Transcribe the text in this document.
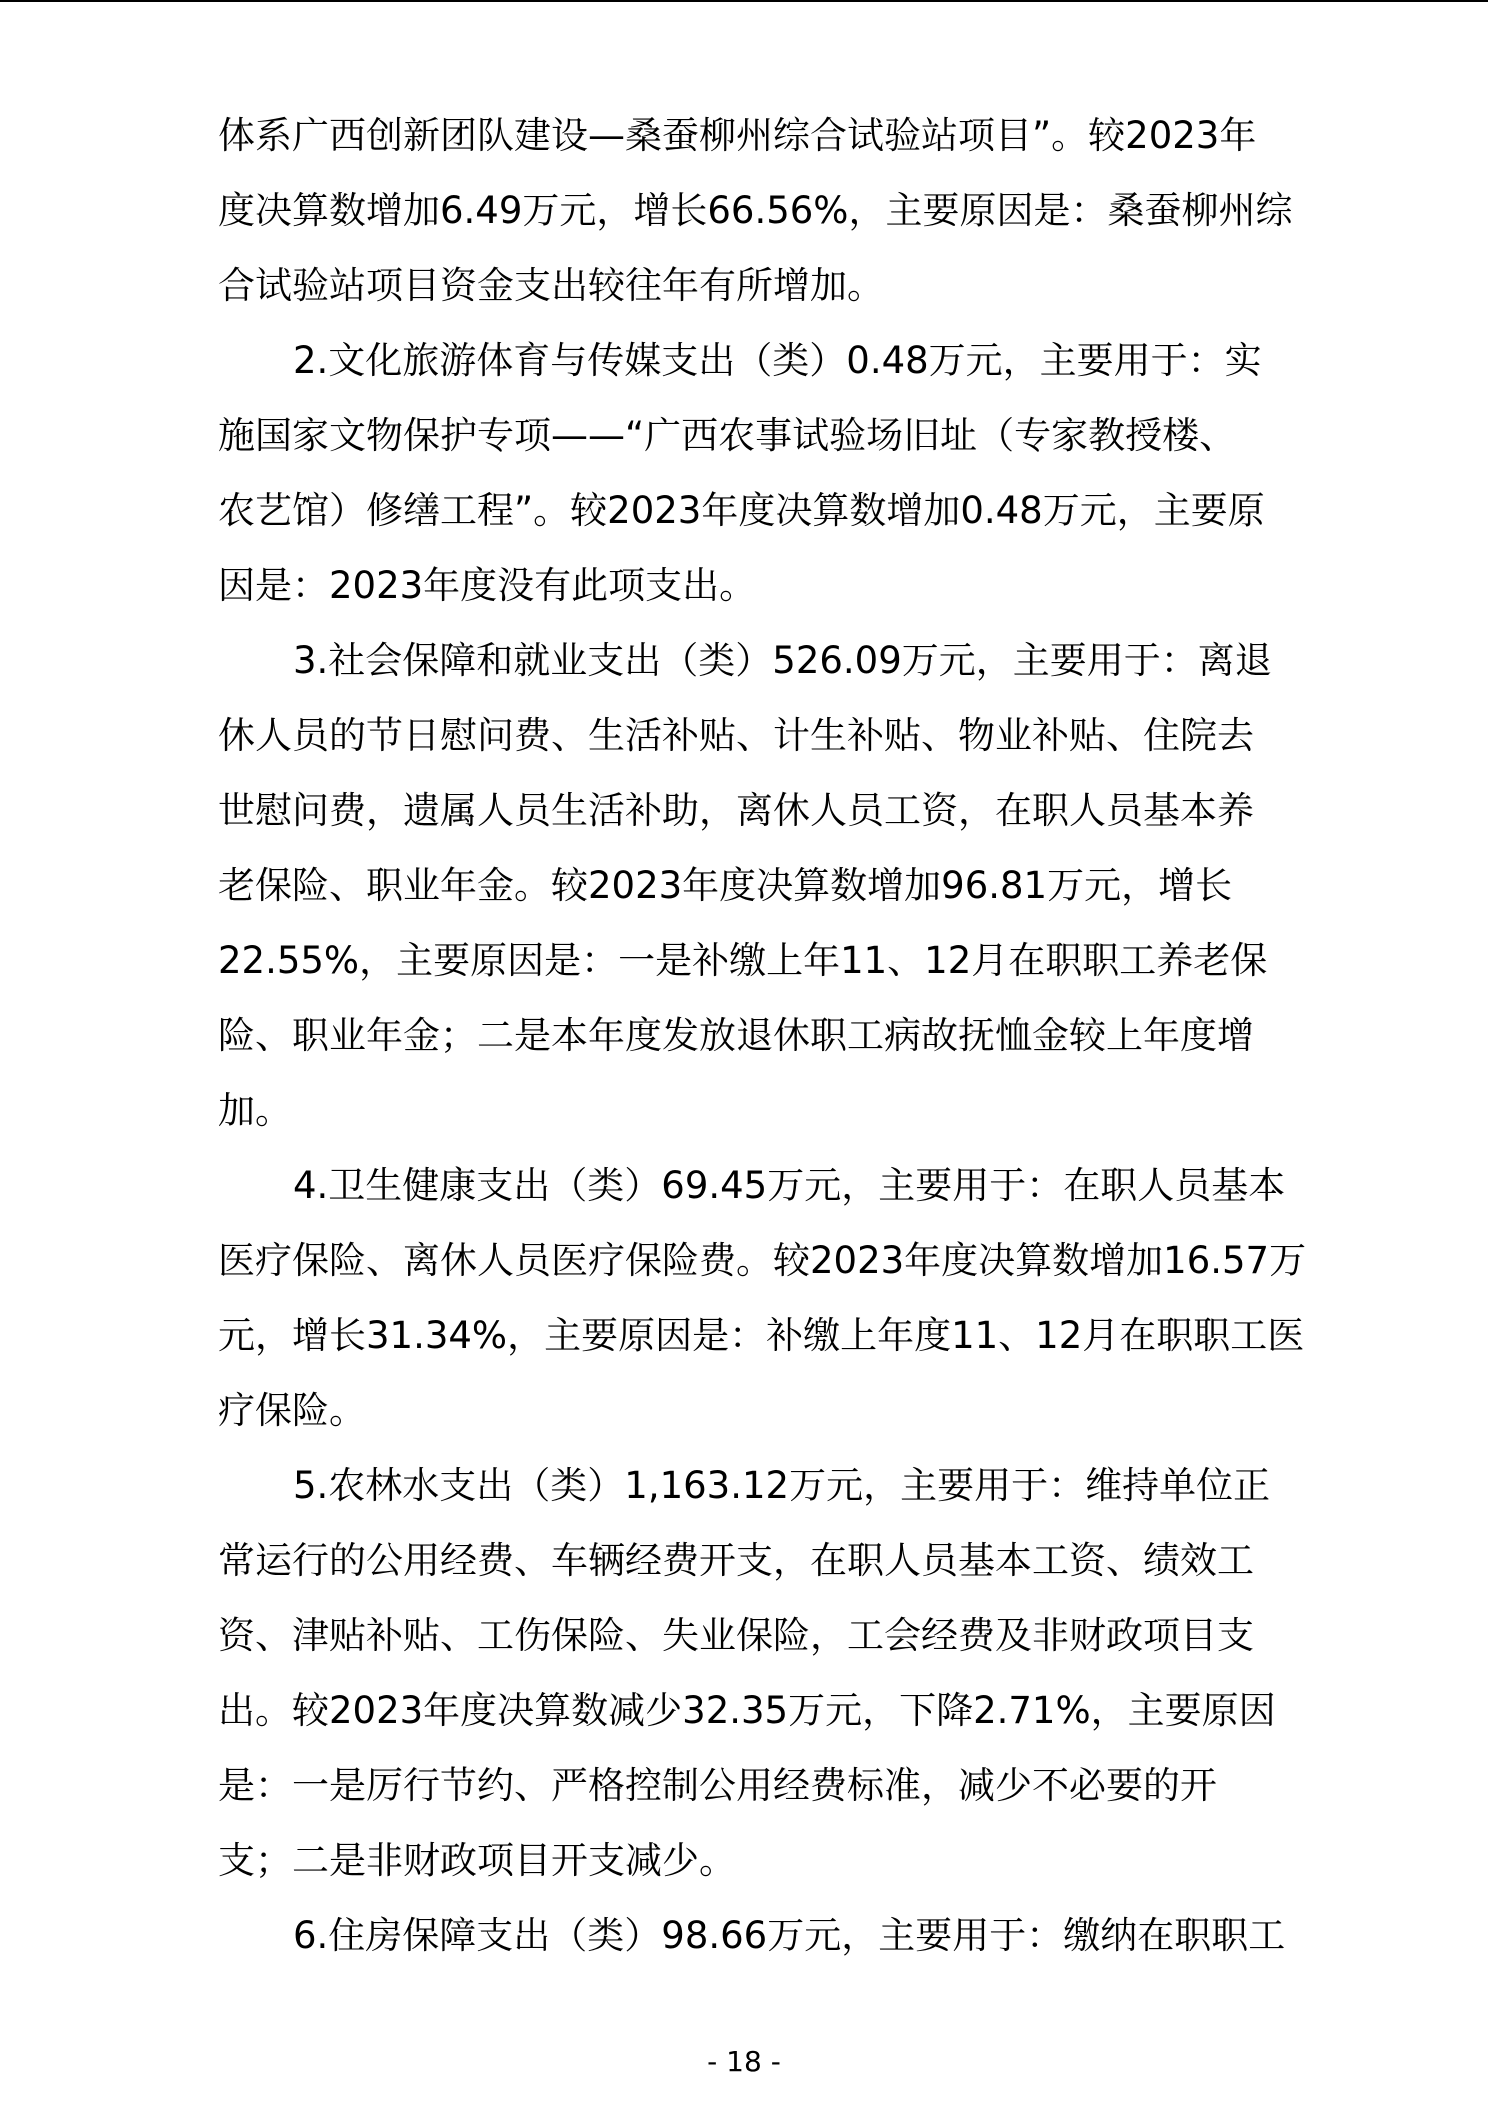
体系广西创新团队建设—桑蚕柳州综合试验站项目”。较2023年
度决算数增加6.49万元，增长66.56%，主要原因是：桑蚕柳州综
合试验站项目资金支出较往年有所增加。
2.文化旅游体育与传媒支出（类）0.48万元，主要用于：实
施国家文物保护专项——“广西农事试验场旧址（专家教授楼、
农艺馆）修缮工程”。较2023年度决算数增加0.48万元，主要原
因是：2023年度没有此项支出。
3.社会保障和就业支出（类）526.09万元，主要用于：离退
休人员的节日慰问费、生活补贴、计生补贴、物业补贴、住院去
世慰问费，遗属人员生活补助，离休人员工资，在职人员基本养
老保险、职业年金。较2023年度决算数增加96.81万元，增长
22.55%，主要原因是：一是补缴上年11、12月在职职工养老保
险、职业年金；二是本年度发放退休职工病故抚恤金较上年度增
加。
4.卫生健康支出（类）69.45万元，主要用于：在职人员基本
医疗保险、离休人员医疗保险费。较2023年度决算数增加16.57万
元，增长31.34%，主要原因是：补缴上年度11、12月在职职工医
疗保险。
5.农林水支出（类）1,163.12万元，主要用于：维持单位正
常运行的公用经费、车辆经费开支，在职人员基本工资、绩效工
资、津贴补贴、工伤保险、失业保险，工会经费及非财政项目支
出。较2023年度决算数减少32.35万元，下降2.71%，主要原因
是：一是厉行节约、严格控制公用经费标准，减少不必要的开
支；二是非财政项目开支减少。
6.住房保障支出（类）98.66万元，主要用于：缴纳在职职工
- 18 -
